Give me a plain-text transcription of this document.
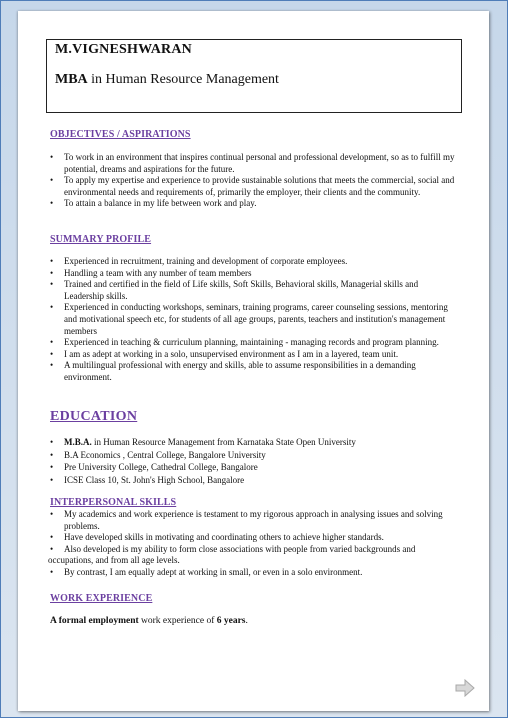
M.VIGNESHWARAN
MBA in Human Resource Management
OBJECTIVES / ASPIRATIONS
• To work in an environment that inspires continual personal and professional development, so as to fulfill my potential, dreams and aspirations for the future.
• To apply my expertise and experience to provide sustainable solutions that meets the commercial, social and environmental needs and requirements of, primarily the employer, their clients and the community.
• To attain a balance in my life between work and play.
SUMMARY PROFILE
• Experienced in recruitment, training and development of corporate employees.
• Handling a team with any number of team members
• Trained and certified in the field of Life skills, Soft Skills, Behavioral skills, Managerial skills and Leadership skills.
• Experienced in conducting workshops, seminars, training programs, career counseling sessions, mentoring and motivational speech etc, for students of all age groups, parents, teachers and institution's management members
• Experienced in teaching & curriculum planning, maintaining - managing records and program planning.
• I am as adept at working in a solo, unsupervised environment as I am in a layered, team unit.
• A multilingual professional with energy and skills, able to assume responsibilities in a demanding environment.
EDUCATION
• M.B.A. in Human Resource Management from Karnataka State Open University
• B.A Economics , Central College, Bangalore University
• Pre University College, Cathedral College, Bangalore
• ICSE Class 10, St. John's High School, Bangalore
INTERPERSONAL SKILLS
• My academics and work experience is testament to my rigorous approach in analysing issues and solving problems.
• Have developed skills in motivating and coordinating others to achieve higher standards.
• Also developed is my ability to form close associations with people from varied backgrounds and occupations, and from all age levels.
• By contrast, I am equally adept at working in small, or even in a solo environment.
WORK EXPERIENCE
A formal employment work experience of 6 years.
